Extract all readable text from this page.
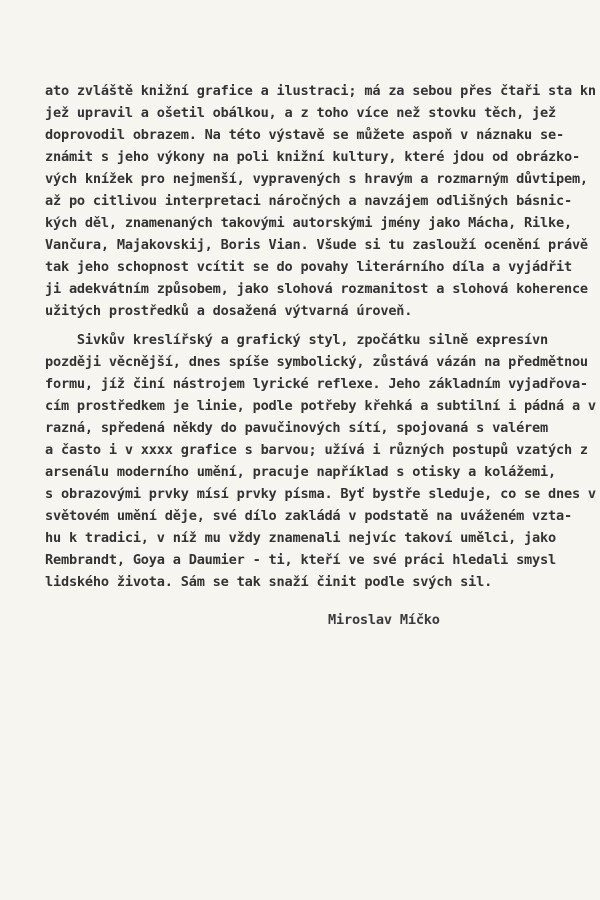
ato zvláště knižní grafice a ilustraci; má za sebou přes čtaři sta kn
jež upravil a ošetil obálkou, a z toho více než stovku těch, jež
doprovodil obrazem. Na této výstavě se můžete aspoň v náznaku se-
známit s jeho výkony na poli knižní kultury, které jdou od obrázko-
vých knížek pro nejmenší, vypravených s hravým a rozmarným důvtipem,
až po citlivou interpretaci náročných a navzájem odlišných básnic-
kých děl, znamenaných takovými autorskými jmény jako Mácha, Rilke,
Vančura, Majakovskij, Boris Vian. Všude si tu zaslouží ocenění právě
tak jeho schopnost vcítit se do povahy literárního díla a vyjádřit
ji adekvátním způsobem, jako slohová rozmanitost a slohová koherence
užitých prostředků a dosažená výtvarná úroveň.
Sivkův kreslířský a grafický styl, zpočátku silně expresívn
později věcnější, dnes spíše symbolický, zůstává vázán na předmětnou
formu, jíž činí nástrojem lyrické reflexe. Jeho základním vyjadřova-
cím prostředkem je linie, podle potřeby křehká a subtilní i pádná a v
razná, spředená někdy do pavučinových sítí, spojovaná s valérem
a často i v xxxx grafice s barvou; užívá i různých postupů vzatých z
arsenálu moderního umění, pracuje například s otisky a kolážemi,
s obrazovými prvky mísí prvky písma. Byť bystře sleduje, co se dnes v
světovém umění děje, své dílo zakládá v podstatě na uváženém vzta-
hu k tradici, v níž mu vždy znamenali nejvíc takoví umělci, jako
Rembrandt, Goya a Daumier - ti, kteří ve své práci hledali smysl
lidského života. Sám se tak snaží činit podle svých sil.
Miroslav Míčko
